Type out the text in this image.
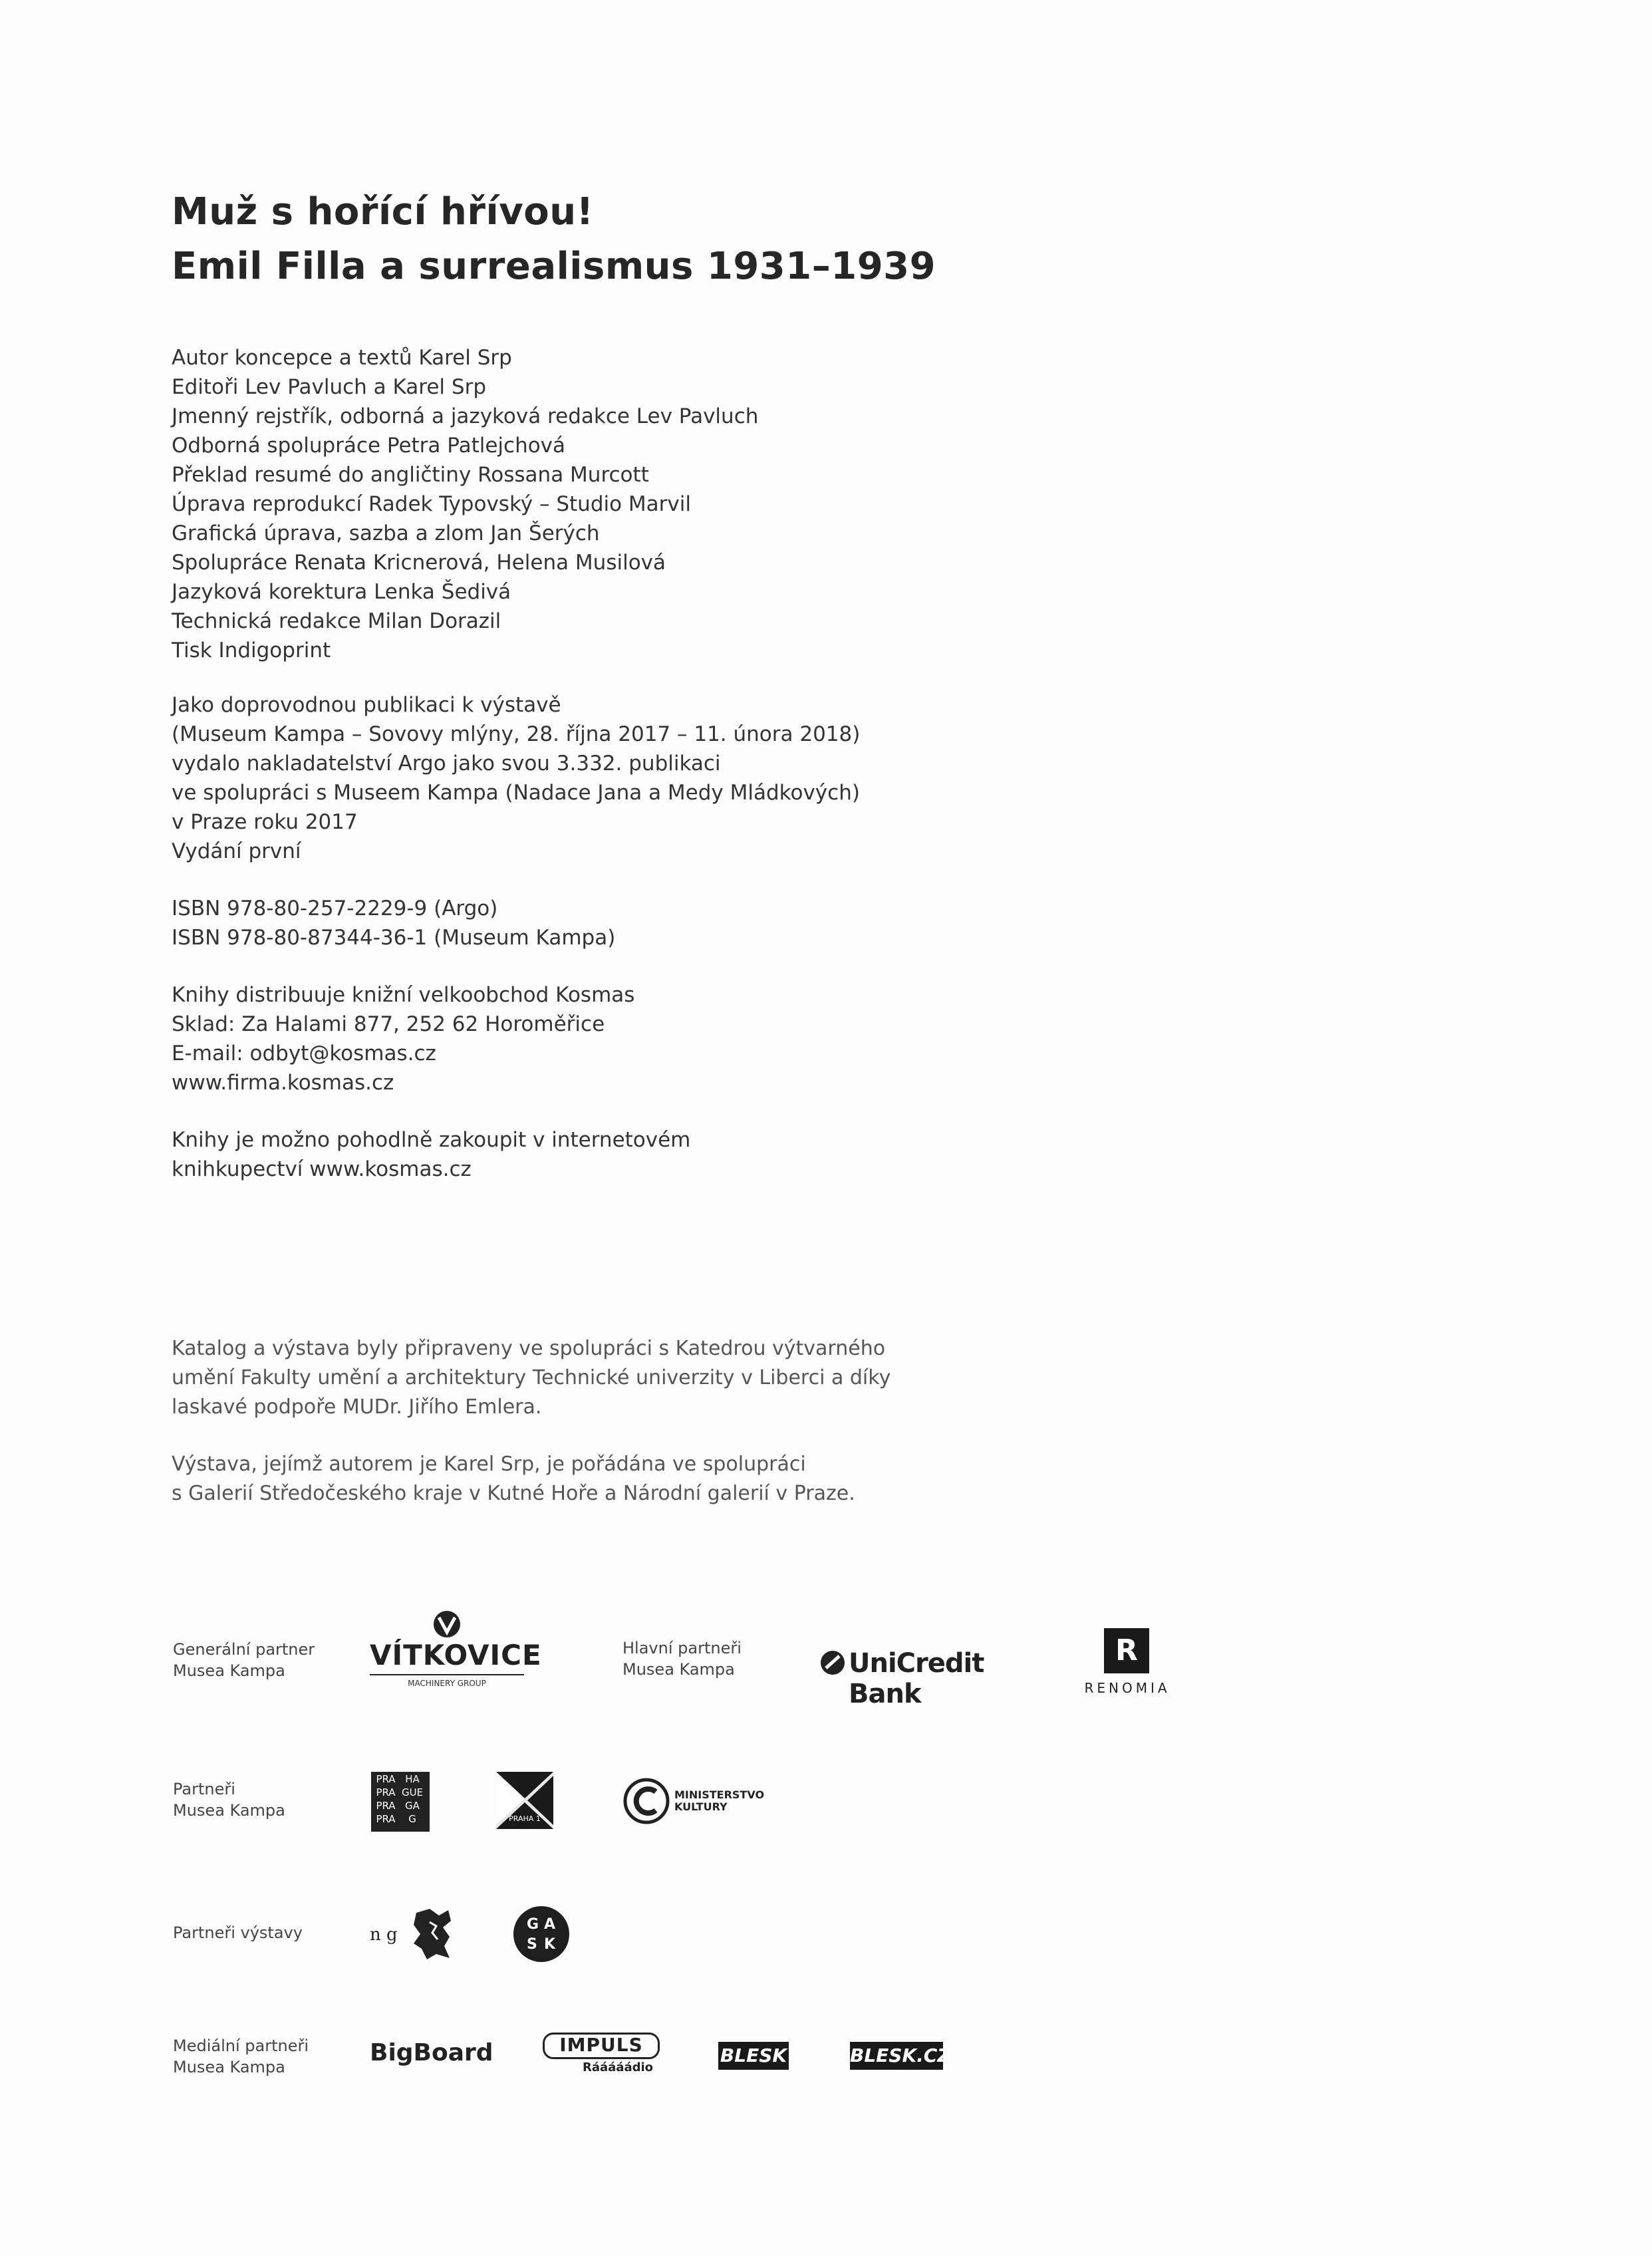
Muž s hořící hřívou!
Emil Filla a surrealismus 1931–1939
Autor koncepce a textů Karel Srp
Editoři Lev Pavluch a Karel Srp
Jmenný rejstřík, odborná a jazyková redakce Lev Pavluch
Odborná spolupráce Petra Patlejchová
Překlad resumé do angličtiny Rossana Murcott
Úprava reprodukcí Radek Typovský – Studio Marvil
Grafická úprava, sazba a zlom Jan Šerých
Spolupráce Renata Kricnerová, Helena Musilová
Jazyková korektura Lenka Šedivá
Technická redakce Milan Dorazil
Tisk Indigoprint
Jako doprovodnou publikaci k výstavě
(Museum Kampa – Sovovy mlýny, 28. října 2017 – 11. února 2018)
vydalo nakladatelství Argo jako svou 3.332. publikaci
ve spolupráci s Museem Kampa (Nadace Jana a Medy Mládkových)
v Praze roku 2017
Vydání první
ISBN 978-80-257-2229-9 (Argo)
ISBN 978-80-87344-36-1 (Museum Kampa)
Knihy distribuuje knižní velkoobchod Kosmas
Sklad: Za Halami 877, 252 62 Horoměřice
E-mail: odbyt@kosmas.cz
www.firma.kosmas.cz
Knihy je možno pohodlně zakoupit v internetovém
knihkupectví www.kosmas.cz
Katalog a výstava byly připraveny ve spolupráci s Katedrou výtvarného
umění Fakulty umění a architektury Technické univerzity v Liberci a díky
laskavé podpoře MUDr. Jiřího Emlera.
Výstava, jejímž autorem je Karel Srp, je pořádána ve spolupráci
s Galerií Středočeského kraje v Kutné Hoře a Národní galerií v Praze.
Generální partner
Musea Kampa
Hlavní partneři
Musea Kampa
Partneři
Musea Kampa
Partneři výstavy
Mediální partneři
Musea Kampa
VÍTKOVICE
MACHINERY GROUP
UniCredit Bank
R
RENOMIA
PRA HA
PRA GUE
PRA GA
PRA	G	PRAHA 1
MINISTERSTVO
KULTURY
n g
G A
S K
BigBoard	IMPULS
Rááááádio
BLESK	BLESK.CZ
